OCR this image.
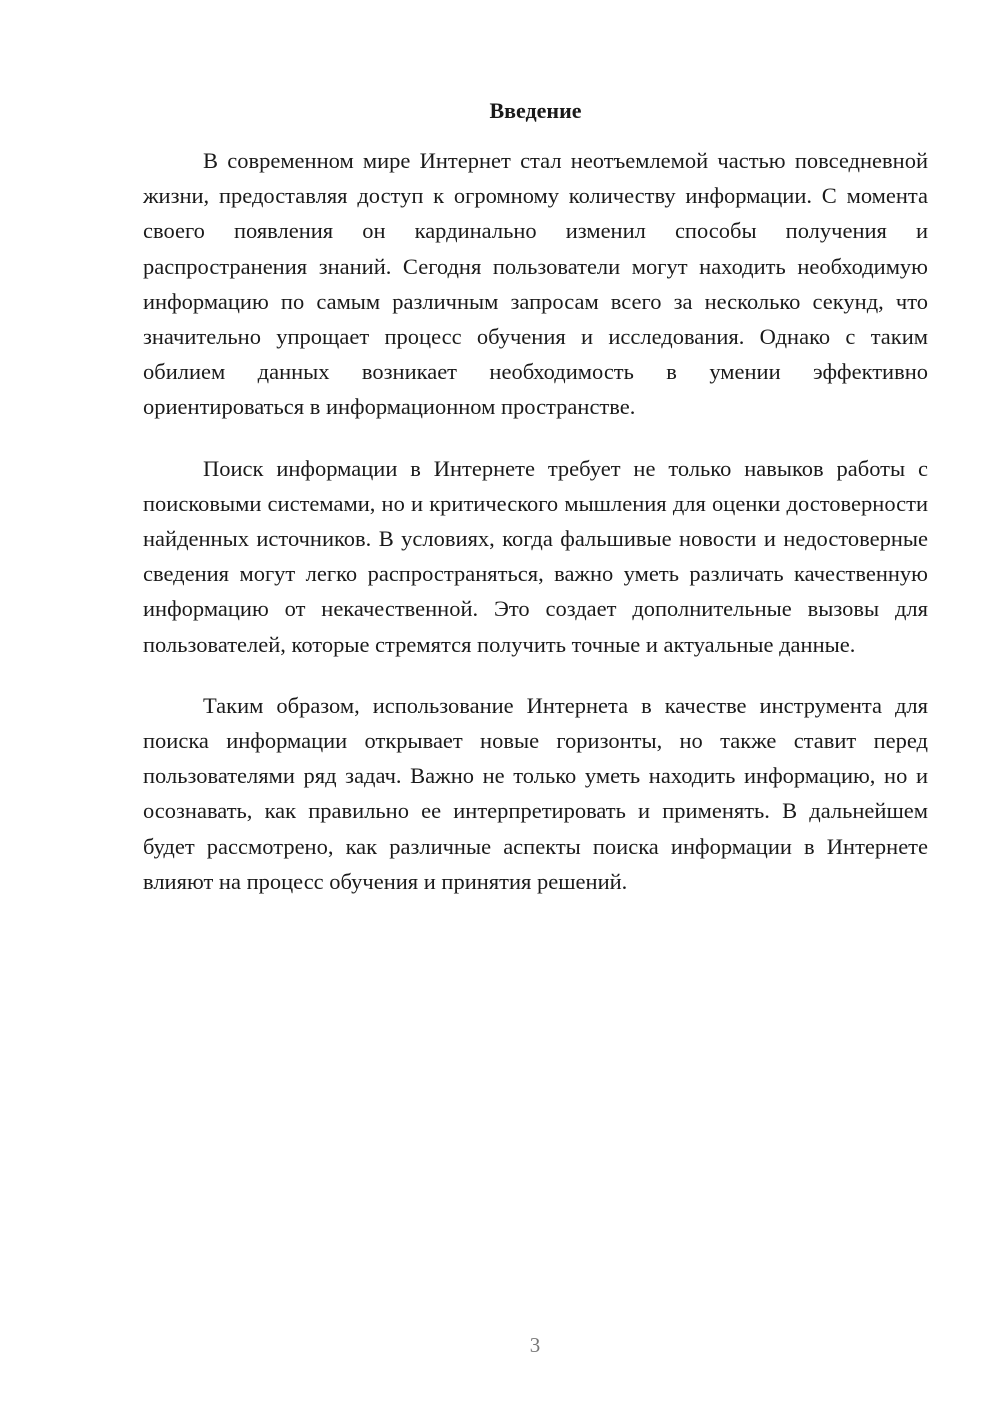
Введение

В современном мире Интернет стал неотъемлемой частью повседневной жизни, предоставляя доступ к огромному количеству информации. С момента своего появления он кардинально изменил способы получения и распространения знаний. Сегодня пользователи могут находить необходимую информацию по самым различным запросам всего за несколько секунд, что значительно упрощает процесс обучения и исследования. Однако с таким обилием данных возникает необходимость в умении эффективно ориентироваться в информационном пространстве.

Поиск информации в Интернете требует не только навыков работы с поисковыми системами, но и критического мышления для оценки достоверности найденных источников. В условиях, когда фальшивые новости и недостоверные сведения могут легко распространяться, важно уметь различать качественную информацию от некачественной. Это создает дополнительные вызовы для пользователей, которые стремятся получить точные и актуальные данные.

Таким образом, использование Интернета в качестве инструмента для поиска информации открывает новые горизонты, но также ставит перед пользователями ряд задач. Важно не только уметь находить информацию, но и осознавать, как правильно ее интерпретировать и применять. В дальнейшем будет рассмотрено, как различные аспекты поиска информации в Интернете влияют на процесс обучения и принятия решений.

3
